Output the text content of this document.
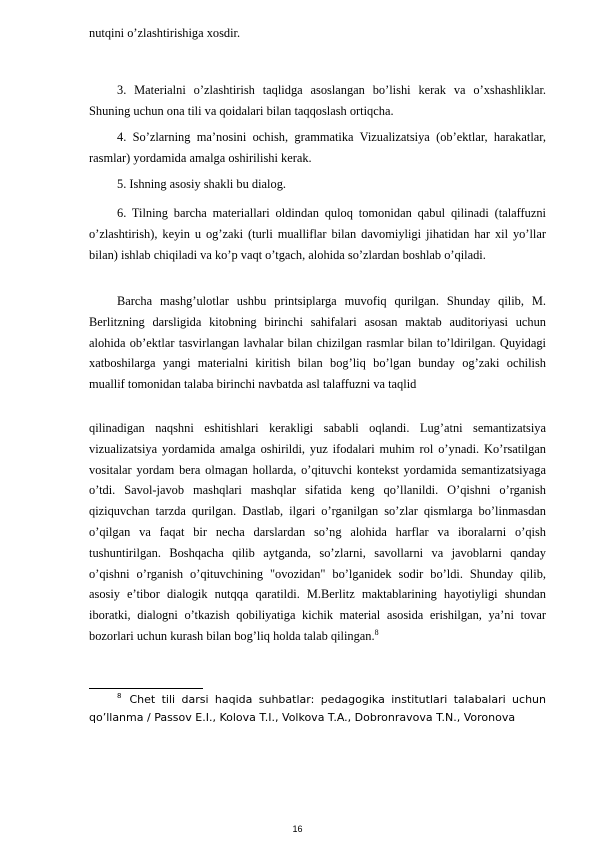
nutqini o’zlashtirishiga xosdir.

3. Materialni o’zlashtirish taqlidga asoslangan bo’lishi kerak va o’xshashliklar. Shuning uchun ona tili va qoidalari bilan taqqoslash ortiqcha.

4. So’zlarning ma’nosini ochish, grammatika Vizualizatsiya (ob’ektlar, harakatlar, rasmlar) yordamida amalga oshirilishi kerak.

5. Ishning asosiy shakli bu dialog.

6. Tilning barcha materiallari oldindan quloq tomonidan qabul qilinadi (talaffuzni o’zlashtirish), keyin u og’zaki (turli mualliflar bilan davomiyligi jihatidan har xil yo’llar bilan) ishlab chiqiladi va ko’p vaqt o’tgach, alohida so’zlardan boshlab o’qiladi.

Barcha mashg’ulotlar ushbu printsiplarga muvofiq qurilgan. Shunday qilib, M. Berlitzning darsligida kitobning birinchi sahifalari asosan maktab auditoriyasi uchun alohida ob’ektlar tasvirlangan lavhalar bilan chizilgan rasmlar bilan to’ldirilgan. Quyidagi xatboshilarga yangi materialni kiritish bilan bog’liq bo’lgan bunday og’zaki ochilish muallif tomonidan talaba birinchi navbatda asl talaffuzni va taqlid

qilinadigan naqshni eshitishlari kerakligi sababli oqlandi. Lug’atni semantizatsiya vizualizatsiya yordamida amalga oshirildi, yuz ifodalari muhim rol o’ynadi. Ko’rsatilgan vositalar yordam bera olmagan hollarda, o’qituvchi kontekst yordamida semantizatsiyaga o’tdi. Savol-javob mashqlari mashqlar sifatida keng qo’llanildi. O’qishni o’rganish qiziquvchan tarzda qurilgan. Dastlab, ilgari o’rganilgan so’zlar qismlarga bo’linmasdan o’qilgan va faqat bir necha darslardan so’ng alohida harflar va iboralarni o’qish tushuntirilgan. Boshqacha qilib aytganda, so’zlarni, savollarni va javoblarni qanday o’qishni o’rganish o’qituvchining "ovozidan" bo’lganidek sodir bo’ldi. Shunday qilib, asosiy e’tibor dialogik nutqqa qaratildi. M.Berlitz maktablarining hayotiyligi shundan iboratki, dialogni o’tkazish qobiliyatiga kichik material asosida erishilgan, ya’ni tovar bozorlari uchun kurash bilan bog’liq holda talab qilingan.$^8$

$^8$ Chet tili darsi haqida suhbatlar: pedagogika institutlari talabalari uchun qo’llanma / Passov E.I., Kolova T.I., Volkova T.A., Dobronravova T.N., Voronova

16
